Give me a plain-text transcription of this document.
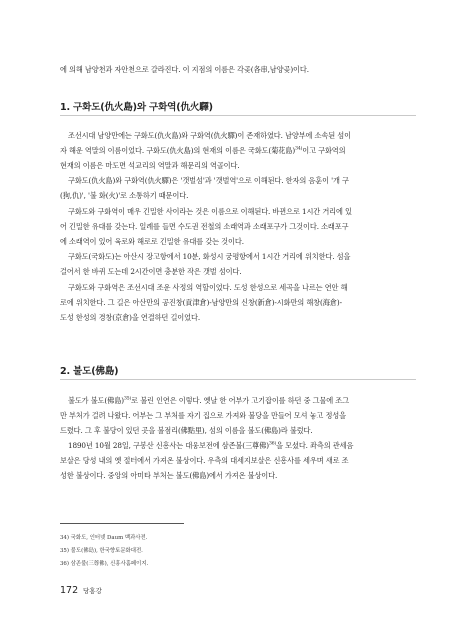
에 의해 남양천과 자안천으로 갈라진다. 이 지점의 이름은 각곶(各串,남양곶)이다.
1. 구화도(仇火島)와 구화역(仇火驛)
조선시대 남양만에는 구화도(仇火島)와 구화역(仇火驛)이 존재하였다. 남양부에 소속된 섬이
자 해운 역말의 이름이었다. 구화도(仇火島)의 현재의 이름은 국화도(菊花島)$^{34)}$이고 구화역의
현재의 이름은 마도면 석교리의 역말과 해문리의 역골이다.
구화도(仇火島)와 구화역(仇火驛)은 '갯벌섬'과 '갯벌역'으로 이해된다. 한자의 음훈이 '개 구
(狗,仇)', '불 화(火)'로 소통하기 때문이다.
구화도와 구화역이 매우 긴밀한 사이라는 것은 이름으로 이해된다. 바뀐으로 1시간 거리에 있
어 긴밀한 유대를 갖는다. 일례를 들면 수도권 전철의 소래역과 소래포구가 그것이다. 소래포구
에 소래역이 있어 육로와 해로로 긴밀한 유대를 갖는 것이다.
구화도(국화도)는 아산시 장고항에서 10분, 화성시 궁평항에서 1시간 거리에 위치한다. 섬을
걸어서 한 바퀴 도는데 2시간이면 충분한 작은 갯벌 섬이다.
구화도와 구화역은 조선시대 조운 사정의 역할이었다. 도성 한성으로 세곡을 나르는 연안 해
로에 위치한다. 그 길은 아산만의 공진창(貢津倉)-남양만의 신창(新倉)-시화만의 해창(海倉)-
도성 한성의 경창(京倉)을 연결하던 길이었다.
2. 불도(佛島)
불도가 불도(佛島)$^{35)}$로 불린 인연은 이렇다. 옛날 한 어부가 고기잡이를 하던 중 그물에 조그
만 부처가 걸려 나왔다. 어부는 그 부처를 자기 집으로 가져와 불당을 만들어 모셔 놓고 정성을
드렸다. 그 후 불당이 있던 곳을 불점리(佛點里), 섬의 이름을 불도(佛島)라 불렀다.
1890년 10월 28일, 구봉산 신흥사는 대웅보전에 삼존불(三尊佛)$^{36)}$을 모셨다. 좌측의 관세음
보살은 당성 내의 옛 절터에서 가져온 불상이다. 우측의 대세지보살은 신흥사를 세우며 새로 조
성한 불상이다. 중앙의 아미타 부처는 불도(佛島)에서 가져온 불상이다.
34) 국화도, 인터넷 Daum 백과사전.
35) 불도(佛島), 한국향토문화대전.
36) 삼존불(三尊佛), 신흥사홈페이지.
172 당홍강
